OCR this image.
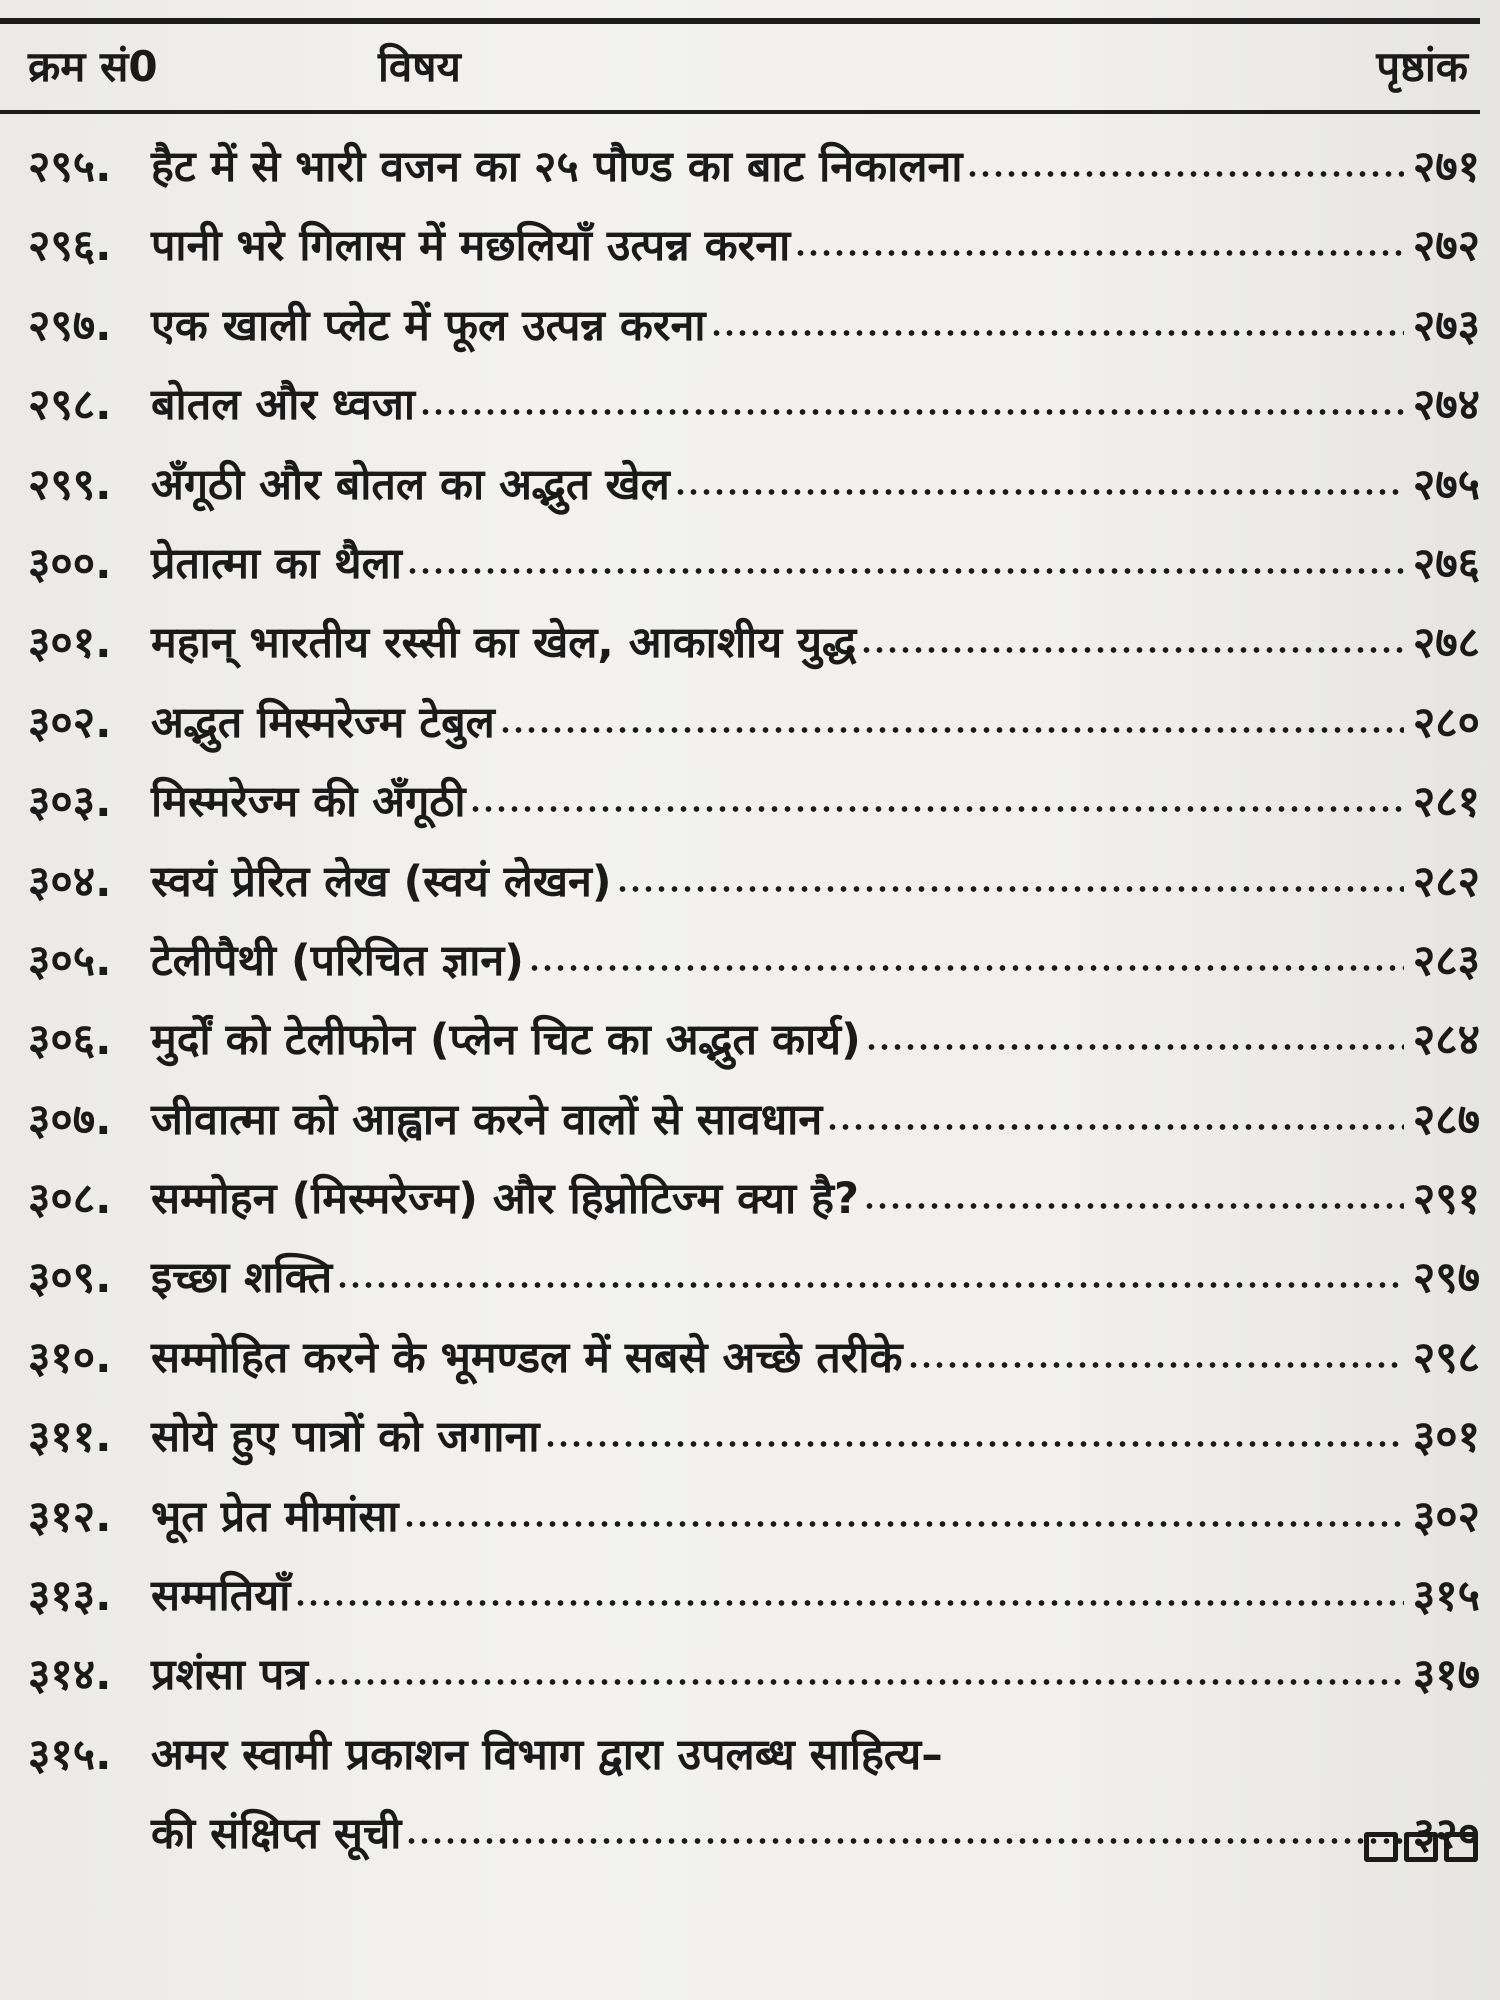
क्रम सं0	विषय	पृष्ठांक
२९५. हैट में से भारी वजन का २५ पौण्ड का बाट निकालना	२७१
२९६. पानी भरे गिलास में मछलियाँ उत्पन्न करना	२७२
२९७. एक खाली प्लेट में फूल उत्पन्न करना	२७३
२९८. बोतल और ध्वजा	२७४
२९९. अँगूठी और बोतल का अद्भुत खेल	२७५
३००. प्रेतात्मा का थैला	२७६
३०१. महान् भारतीय रस्सी का खेल, आकाशीय युद्ध	२७८
३०२. अद्भुत मिस्मरेज्म टेबुल	२८०
३०३. मिस्मरेज्म की अँगूठी	२८१
३०४. स्वयं प्रेरित लेख (स्वयं लेखन)	२८२
३०५. टेलीपैथी (परिचित ज्ञान)	२८३
३०६. मुर्दों को टेलीफोन (प्लेन चिट का अद्भुत कार्य)	२८४
३०७. जीवात्मा को आह्वान करने वालों से सावधान	२८७
३०८. सम्मोहन (मिस्मरेज्म) और हिप्नोटिज्म क्या है?	२९१
३०९. इच्छा शक्ति	२९७
३१०. सम्मोहित करने के भूमण्डल में सबसे अच्छे तरीके	२९८
३११. सोये हुए पात्रों को जगाना	३०१
३१२. भूत प्रेत मीमांसा	३०२
३१३. सम्मतियाँ	३१५
३१४. प्रशंसा पत्र	३१७
३१५. अमर स्वामी प्रकाशन विभाग द्वारा उपलब्ध साहित्य–
की संक्षिप्त सूची	३२०
